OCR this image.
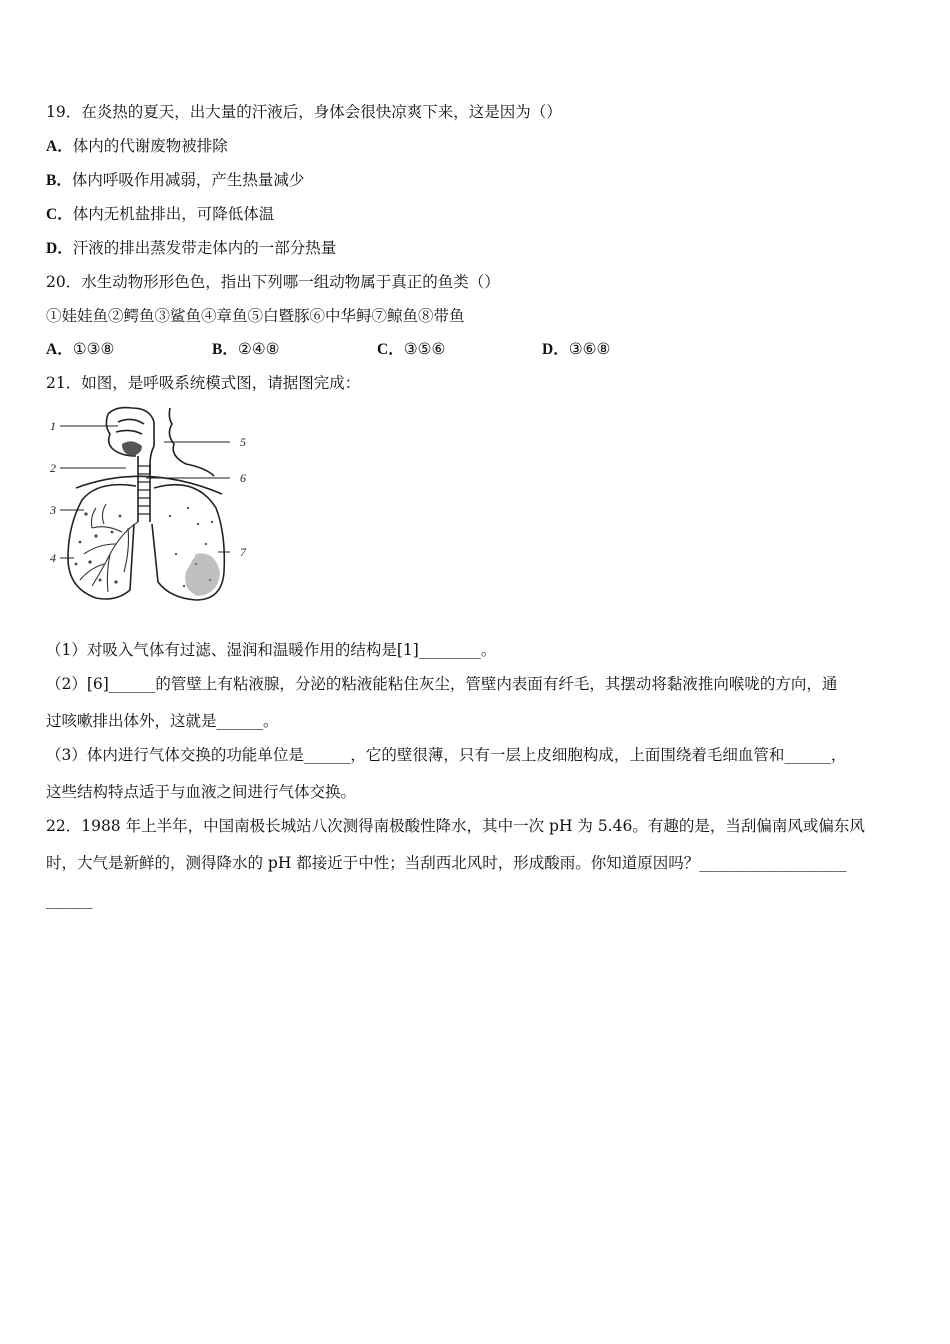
19．在炎热的夏天，出大量的汗液后，身体会很快凉爽下来，这是因为（）
A．体内的代谢废物被排除
B．体内呼吸作用减弱，产生热量减少
C．体内无机盐排出，可降低体温
D．汗液的排出蒸发带走体内的一部分热量
20．水生动物形形色色，指出下列哪一组动物属于真正的鱼类（）
①娃娃鱼②鳄鱼③鲨鱼④章鱼⑤白暨豚⑥中华鲟⑦鲸鱼⑧带鱼
A．①③⑧	B．②④⑧	C．③⑤⑥	D．③⑥⑧
21．如图，是呼吸系统模式图，请据图完成：
1
2
3
4
5
6
7
（1）对吸入气体有过滤、湿润和温暖作用的结构是[1]________。
（2）[6]______的管壁上有粘液腺，分泌的粘液能粘住灰尘，管壁内表面有纤毛，其摆动将黏液推向喉咙的方向，通
过咳嗽排出体外，这就是______。
（3）体内进行气体交换的功能单位是______，它的壁很薄，只有一层上皮细胞构成，上面围绕着毛细血管和______，
这些结构特点适于与血液之间进行气体交换。
22．1988 年上半年，中国南极长城站八次测得南极酸性降水，其中一次 pH 为 5.46。有趣的是，当刮偏南风或偏东风
时，大气是新鲜的，测得降水的 pH 都接近于中性；当刮西北风时，形成酸雨。你知道原因吗？___________________
______
